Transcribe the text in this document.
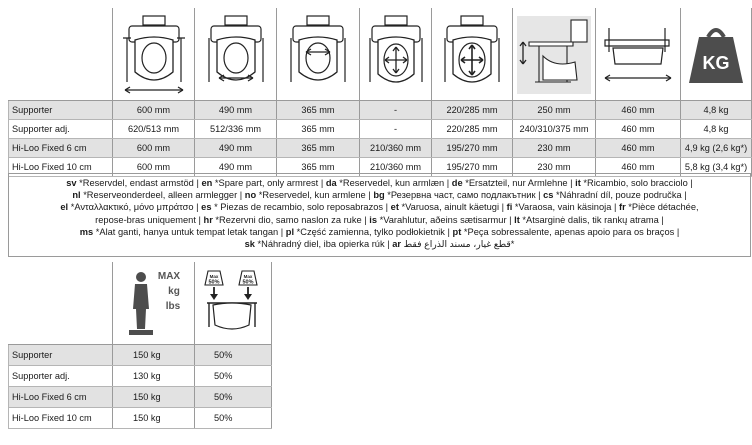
KG

Supporter	600 mm	490 mm	365 mm	-	220/285 mm	250 mm	460 mm	4,8 kg
Supporter adj.	620/513 mm	512/336 mm	365 mm	-	220/285 mm	240/310/375 mm	460 mm	4,8 kg
Hi-Loo Fixed 6 cm	600 mm	490 mm	365 mm	210/360 mm	195/270 mm	230 mm	460 mm	4,9 kg (2,6 kg*)
Hi-Loo Fixed 10 cm	600 mm	490 mm	365 mm	210/360 mm	195/270 mm	230 mm	460 mm	5,8 kg (3,4 kg*)
sv *Reservdel, endast armstöd | en *Spare part, only armrest | da *Reservedel, kun armlæn | de *Ersatzteil, nur Armlehne | it *Ricambio, solo bracciolo |
nl *Reserveonderdeel, alleen armlegger | no *Reservedel, kun armlene | bg *Резервна част, само подлакътник | cs *Náhradní díl, pouze područka |
el *Ανταλλακτικό, μόνο μπράτσο | es * Piezas de recambio, solo reposabrazos | et *Varuosa, ainult käetugi | fi *Varaosa, vain käsinoja | fr *Pièce détachée,
repose-bras uniquement | hr *Rezervni dio, samo naslon za ruke | is *Varahlutur, aðeins sætisarmur | lt *Atsarginė dalis, tik rankų atrama |
ms *Alat ganti, hanya untuk tempat letak tangan | pl *Część zamienna, tylko podłokietnik | pt *Peça sobressalente, apenas apoio para os braços |
sk *Náhradný diel, iba opierka rúk | ar قطع غيار، مسند الذراع فقط*

MAX
kg
lbs	Max
50%
Max
50%

Supporter	150 kg	50%
Supporter adj.	130 kg	50%
Hi-Loo Fixed 6 cm	150 kg	50%
Hi-Loo Fixed 10 cm	150 kg	50%
